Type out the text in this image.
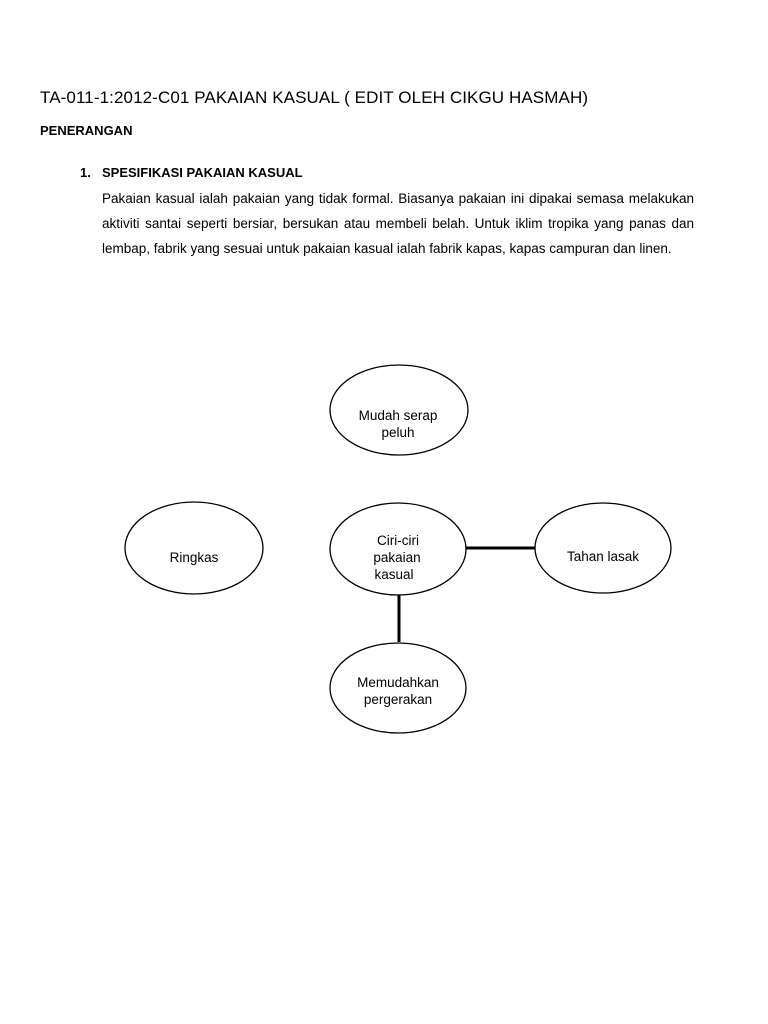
TA-011-1:2012-C01 PAKAIAN KASUAL ( EDIT OLEH CIKGU HASMAH)
PENERANGAN
1. SPESIFIKASI PAKAIAN KASUAL
Pakaian kasual ialah pakaian yang tidak formal. Biasanya pakaian ini dipakai semasa melakukan aktiviti santai seperti bersiar, bersukan atau membeli belah. Untuk iklim tropika yang panas dan lembap, fabrik yang sesuai untuk pakaian kasual ialah fabrik kapas, kapas campuran dan linen.
Mudah serap
peluh
Ringkas
Ciri-ciri
pakaian
kasual
Tahan lasak
Memudahkan
pergerakan
